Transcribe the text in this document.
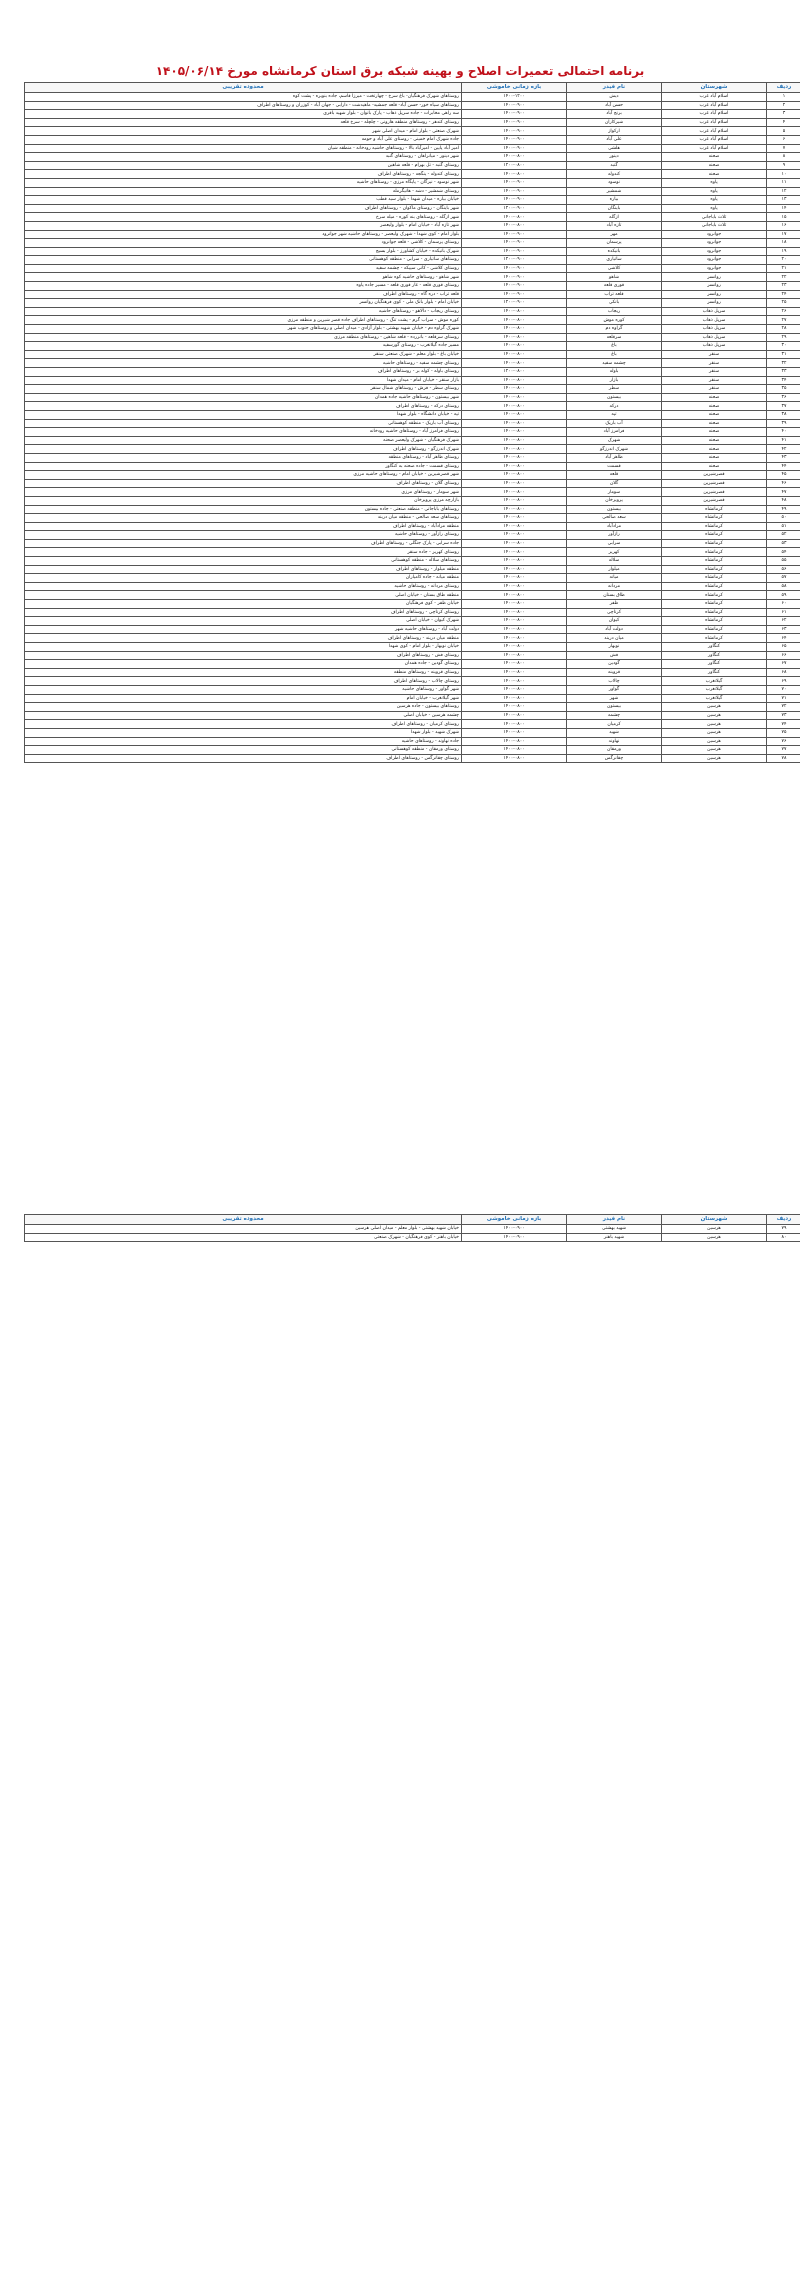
برنامه احتمالی تعمیرات اصلاح و بهینه شبکه برق استان کرمانشاه مورخ ۱۴۰۵/۰۶/۱۴
ردیف	شهرستان	نام فیدر	بازه زمانی خاموشی	محدوده تقریبی
۱	اسلام آباد غرب	دیش	۱۴۰۰-۱۲۰۰	روستاهای شهرک فرهنگیان- باغ سرخ - چهارتخت - میرزا قاسم، جاده بنوبره - پشت کوه
۲	اسلام آباد غرب	حسن آباد	۱۴۰۰-۰۹۰۰	روستاهای سیاه خور- حسن آباد- قلعه جمشید- ماهیدشت - دارابی - جهان آباد - کوزران و روستاهای اطراف
۳	اسلام آباد غرب	برنج آباد	۱۴۰۰-۰۹۰۰	سه راهی مخابرات - جاده سرپل ذهاب - پارک بانوان - بلوار شهید باقری
۴	اسلام آباد غرب	شیرکاران	۱۴۰۰-۰۹۰۰	روستای کندهر - روستاهای منطقه هارونی - چلچله - سرخ قلعه
۵	اسلام آباد غرب	ارکواز	۱۴۰۰-۰۹۰۰	شهرک صنعتی - بلوار امام - میدان اصلی شهر
۶	اسلام آباد غرب	علی آباد	۱۴۰۰-۰۹۰۰	جاده شهرک امام خمینی - روستای علی آباد و حومه
۷	اسلام آباد غرب	هلشی	۱۴۰۰-۰۹۰۰	امیر آباد پایین - امیرآباد بالا - روستاهای حاشیه رودخانه - منطقه شیان
۸	صحنه	دینور	۱۴۰۰-۰۸۰۰	شهر دینور - میانراهان - روستاهای گنبد
۹	صحنه	گنبد	۱۲۰۰-۰۸۰۰	روستای گنبد - تل بهرام - قلعه شاهین
۱۰	صحنه	کندوله	۱۴۰۰-۰۸۰۰	روستای کندوله - ینگجه - روستاهای اطراف
۱۱	پاوه	نوسود	۱۴۰۰-۰۹۰۰	شهر نوسود - نیرگان - پایگاه مرزی - روستاهای حاشیه
۱۲	پاوه	شمشیر	۱۴۰۰-۰۹۰۰	روستای شمشیر - دشه - هانیگرمله
۱۳	پاوه	بیاره	۱۴۰۰-۰۹۰۰	خیابان بیاره - میدان شهدا - بلوار سید قطب
۱۴	پاوه	باینگان	۱۲۰۰-۰۹۰۰	شهر باینگان - روستای ماکوان - روستاهای اطراف
۱۵	ثلاث باباجانی	ازگله	۱۴۰۰-۰۸۰۰	شهر ازگله - روستاهای بنه کوره - میله سرخ
۱۶	ثلاث باباجانی	تازه آباد	۱۴۰۰-۰۸۰۰	شهر تازه آباد - خیابان امام - بلوار ولیعصر
۱۷	جوانرود	مهر	۱۴۰۰-۰۹۰۰	بلوار امام - کوی شهدا - شهرک ولیعصر - روستاهای حاشیه شهر جوانرود
۱۸	جوانرود	پرسمان	۱۴۰۰-۰۹۰۰	روستای پرسمان - کلاشی - قلعه جوانرود
۱۹	جوانرود	بانیکده	۱۴۰۰-۰۹۰۰	شهرک بانیکده - خیابان کشاورز - بلوار بسیج
۲۰	جوانرود	ساتیاری	۱۲۰۰-۰۹۰۰	روستاهای ساتیاری - سرابی - منطقه کوهستانی
۲۱	جوانرود	کلاشی	۱۴۰۰-۰۹۰۰	روستای کلاشی - کانی سپیکه - چشمه سفید
۲۲	روانسر	شاهو	۱۴۰۰-۰۹۰۰	شهر شاهو - روستاهای حاشیه کوه شاهو
۲۳	روانسر	قوری قلعه	۱۴۰۰-۰۹۰۰	روستای قوری قلعه - غار قوری قلعه - مسیر جاده پاوه
۲۴	روانسر	قلعه تراب	۱۴۰۰-۰۹۰۰	قلعه تراب - دره گاه - روستاهای اطراف
۲۵	روانسر	بانکی	۱۲۰۰-۰۹۰۰	خیابان امام - بلوار بانک ملی - کوی فرهنگیان روانسر
۲۶	سرپل ذهاب	ریجاب	۱۴۰۰-۰۸۰۰	روستای ریجاب - دالاهو - روستاهای حاشیه
۲۷	سرپل ذهاب	کوره موش	۱۴۰۰-۰۸۰۰	کوره موش - سراب گرم - پشت تنگ - روستاهای اطراف جاده قصر شیرین و منطقه مرزی
۲۸	سرپل ذهاب	گراوه دم	۱۴۰۰-۰۸۰۰	شهرک گراوه دم - خیابان شهید بهشتی - بلوار آزادی - میدان اصلی و روستاهای جنوب شهر
۲۹	سرپل ذهاب	سرقلعه	۱۴۰۰-۰۸۰۰	روستای سرقلعه - بانزرده - قلعه شاهین - روستاهای منطقه مرزی
۳۰	سرپل ذهاب	باغ	۱۴۰۰-۰۸۰۰	مسیر جاده گیلانغرب - روستای گورسفید
۳۱	سنقر	باغ	۱۴۰۰-۰۸۰۰	خیابان باغ - بلوار معلم - شهرک صنعتی سنقر
۳۲	سنقر	چشمه سفید	۱۴۰۰-۰۸۰۰	روستای چشمه سفید - روستاهای حاشیه
۳۳	سنقر	باوله	۱۲۰۰-۰۸۰۰	روستای باوله - کوله بر - روستاهای اطراف
۳۴	سنقر	بازار	۱۴۰۰-۰۸۰۰	بازار سنقر - خیابان امام - میدان شهدا
۳۵	سنقر	سطر	۱۴۰۰-۰۸۰۰	روستای سطر - فرش - روستاهای شمال سنقر
۳۶	صحنه	بیستون	۱۴۰۰-۰۸۰۰	شهر بیستون - روستاهای حاشیه جاده همدان
۳۷	صحنه	درکه	۱۴۰۰-۰۸۰۰	روستای درکه - روستاهای اطراف
۳۸	صحنه	تپه	۱۴۰۰-۰۸۰۰	تپه - خیابان دانشگاه - بلوار شهدا
۳۹	صحنه	آب باریک	۱۴۰۰-۰۸۰۰	روستای آب باریک - منطقه کوهستانی
۴۰	صحنه	فرامرز آباد	۱۴۰۰-۰۸۰۰	روستای فرامرز آباد - روستاهای حاشیه رودخانه
۴۱	صحنه	شهرک	۱۴۰۰-۰۸۰۰	شهرک فرهنگیان - شهرک ولیعصر صحنه
۴۲	صحنه	شهرک اندرزگو	۱۴۰۰-۰۸۰۰	شهرک اندرزگو - روستاهای اطراف
۴۳	صحنه	طاهر آباد	۱۴۰۰-۰۸۰۰	روستای طاهر آباد - روستاهای منطقه
۴۴	صحنه	قسمت	۱۴۰۰-۰۸۰۰	روستای قسمت - جاده صحنه به کنگاور
۴۵	قصرشیرین	قلعه	۱۴۰۰-۰۸۰۰	شهر قصرشیرین - خیابان امام - روستاهای حاشیه مرزی
۴۶	قصرشیرین	گلان	۱۴۰۰-۰۸۰۰	روستای گلان - روستاهای اطراف
۴۷	قصرشیرین	سومار	۱۴۰۰-۰۸۰۰	شهر سومار - روستاهای مرزی
۴۸	قصرشیرین	پرویزخان	۱۴۰۰-۰۸۰۰	بازارچه مرزی پرویزخان
۴۹	کرمانشاه	بیستون	۱۴۰۰-۰۸۰۰	روستاهای باباجانی - منطقه صنعتی - جاده بیستون
۵۰	کرمانشاه	سعد صالحی	۱۴۰۰-۰۸۰۰	روستاهای سعد صالحی - منطقه میان دربند
۵۱	کرمانشاه	مرادآباد	۱۴۰۰-۰۸۰۰	منطقه مرادآباد - روستاهای اطراف
۵۲	کرمانشاه	رازآور	۱۴۰۰-۰۸۰۰	روستای رازآور - روستاهای حاشیه
۵۳	کرمانشاه	سرابی	۱۴۰۰-۰۸۰۰	جاده سرابی - پارک جنگلی - روستاهای اطراف
۵۴	کرمانشاه	کهریز	۱۴۰۰-۰۸۰۰	روستای کهریز - جاده سنقر
۵۵	کرمانشاه	سلاله	۱۴۰۰-۰۸۰۰	روستاهای سلاله - منطقه کوهستانی
۵۶	کرمانشاه	میلوار	۱۴۰۰-۰۸۰۰	منطقه میلوار - روستاهای اطراف
۵۷	کرمانشاه	میانه	۱۴۰۰-۰۸۰۰	منطقه میانه - جاده کامیاران
۵۸	کرمانشاه	مردانه	۱۴۰۰-۰۸۰۰	روستای مردانه - روستاهای حاشیه
۵۹	کرمانشاه	طاق بستان	۱۴۰۰-۰۸۰۰	منطقه طاق بستان - خیابان اصلی
۶۰	کرمانشاه	ظفر	۱۴۰۰-۰۸۰۰	خیابان ظفر - کوی فرهنگیان
۶۱	کرمانشاه	کرناچی	۱۴۰۰-۰۸۰۰	روستای کرناچی - روستاهای اطراف
۶۲	کرمانشاه	کیوان	۱۴۰۰-۰۸۰۰	شهرک کیوان - خیابان اصلی
۶۳	کرمانشاه	دولت آباد	۱۴۰۰-۰۸۰۰	دولت آباد - روستاهای حاشیه شهر
۶۴	کرمانشاه	میان دربند	۱۴۰۰-۰۸۰۰	منطقه میان دربند - روستاهای اطراف
۶۵	کنگاور	نوبهار	۱۴۰۰-۰۸۰۰	خیابان نوبهار - بلوار امام - کوی شهدا
۶۶	کنگاور	فش	۱۴۰۰-۰۸۰۰	روستای فش - روستاهای اطراف
۶۷	کنگاور	گودین	۱۴۰۰-۰۸۰۰	روستای گودین - جاده همدان
۶۸	کنگاور	قزوینه	۱۴۰۰-۰۸۰۰	روستای قزوینه - روستاهای منطقه
۶۹	گیلانغرب	چالاب	۱۴۰۰-۰۸۰۰	روستای چالاب - روستاهای اطراف
۷۰	گیلانغرب	گواور	۱۴۰۰-۰۸۰۰	شهر گواور - روستاهای حاشیه
۷۱	گیلانغرب	شهر	۱۴۰۰-۰۸۰۰	شهر گیلانغرب - خیابان امام
۷۲	هرسین	بیستون	۱۴۰۰-۰۸۰۰	روستاهای بیستون - جاده هرسین
۷۳	هرسین	چشمه	۱۴۰۰-۰۸۰۰	چشمه هرسین - خیابان اصلی
۷۴	هرسین	کرمیان	۱۴۰۰-۰۸۰۰	روستای کرمیان - روستاهای اطراف
۷۵	هرسین	شهید	۱۴۰۰-۰۸۰۰	شهرک شهید - بلوار شهدا
۷۶	هرسین	نهاوند	۱۴۰۰-۰۸۰۰	جاده نهاوند - روستاهای حاشیه
۷۷	هرسین	ورمقان	۱۴۰۰-۰۸۰۰	روستای ورمقان - منطقه کوهستانی
۷۸	هرسین	چقانرگس	۱۴۰۰-۰۸۰۰	روستای چقانرگس - روستاهای اطراف
ردیف	شهرستان	نام فیدر	بازه زمانی خاموشی	محدوده تقریبی
۷۹	هرسین	شهید بهشتی	۱۴۰۰-۰۹۰۰	خیابان شهید بهشتی - بلوار معلم - میدان اصلی هرسین
۸۰	هرسین	شهید باهنر	۱۴۰۰-۰۹۰۰	خیابان باهنر - کوی فرهنگیان - شهرک صنعتی
